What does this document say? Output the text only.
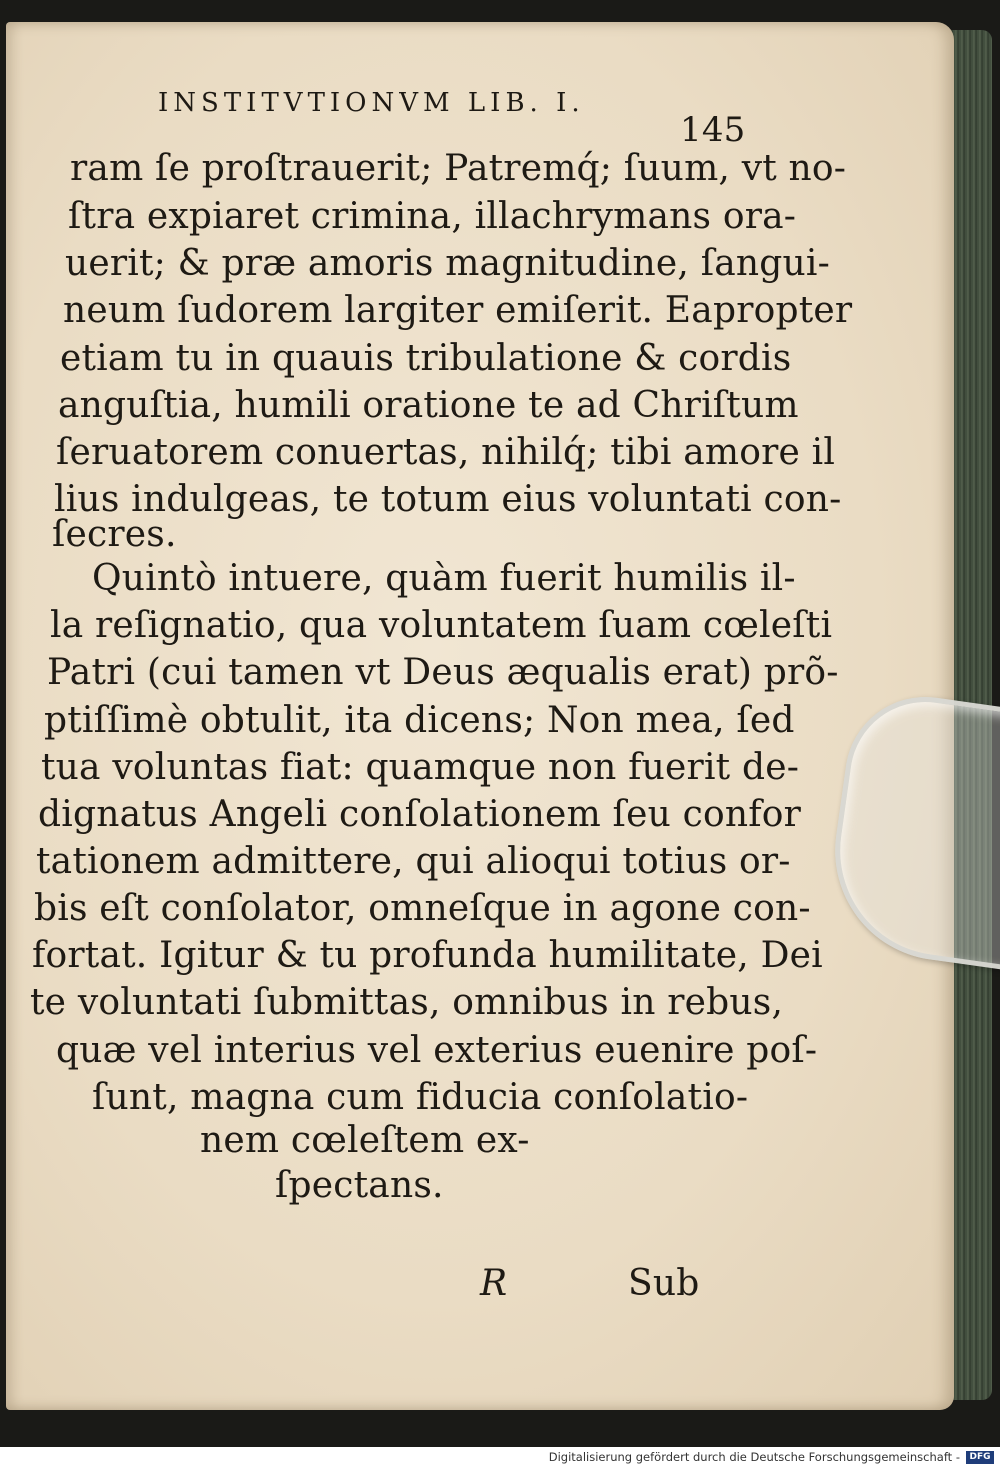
INSTITVTIONVM LIB. I.
145
ram ſe proſtrauerit; Patremq́; ſuum, vt no-
ſtra expiaret crimina, illachrymans ora-
uerit; & præ amoris magnitudine, ſangui-
neum ſudorem largiter emiſerit. Eapropter
etiam tu in quauis tribulatione & cordis
anguſtia, humili oratione te ad Chriſtum
ſeruatorem conuertas, nihilq́; tibi amore il
lius indulgeas, te totum eius voluntati con-
ſecres.
Quintò intuere, quàm fuerit humilis il-
la reſignatio, qua voluntatem ſuam cœleſti
Patri (cui tamen vt Deus æqualis erat) prõ-
ptiſſimè obtulit, ita dicens; Non mea, ſed
tua voluntas fiat: quamque non fuerit de-
dignatus Angeli conſolationem ſeu confor
tationem admittere, qui alioqui totius or-
bis eſt conſolator, omneſque in agone con-
fortat. Igitur & tu profunda humilitate, Dei
te voluntati ſubmittas, omnibus in rebus,
quæ vel interius vel exterius euenire poſ-
ſunt, magna cum fiducia conſolatio-
nem cœleſtem ex-
ſpectans.
R	Sub
Digitalisierung gefördert durch die Deutsche Forschungsgemeinschaft -	DFG
